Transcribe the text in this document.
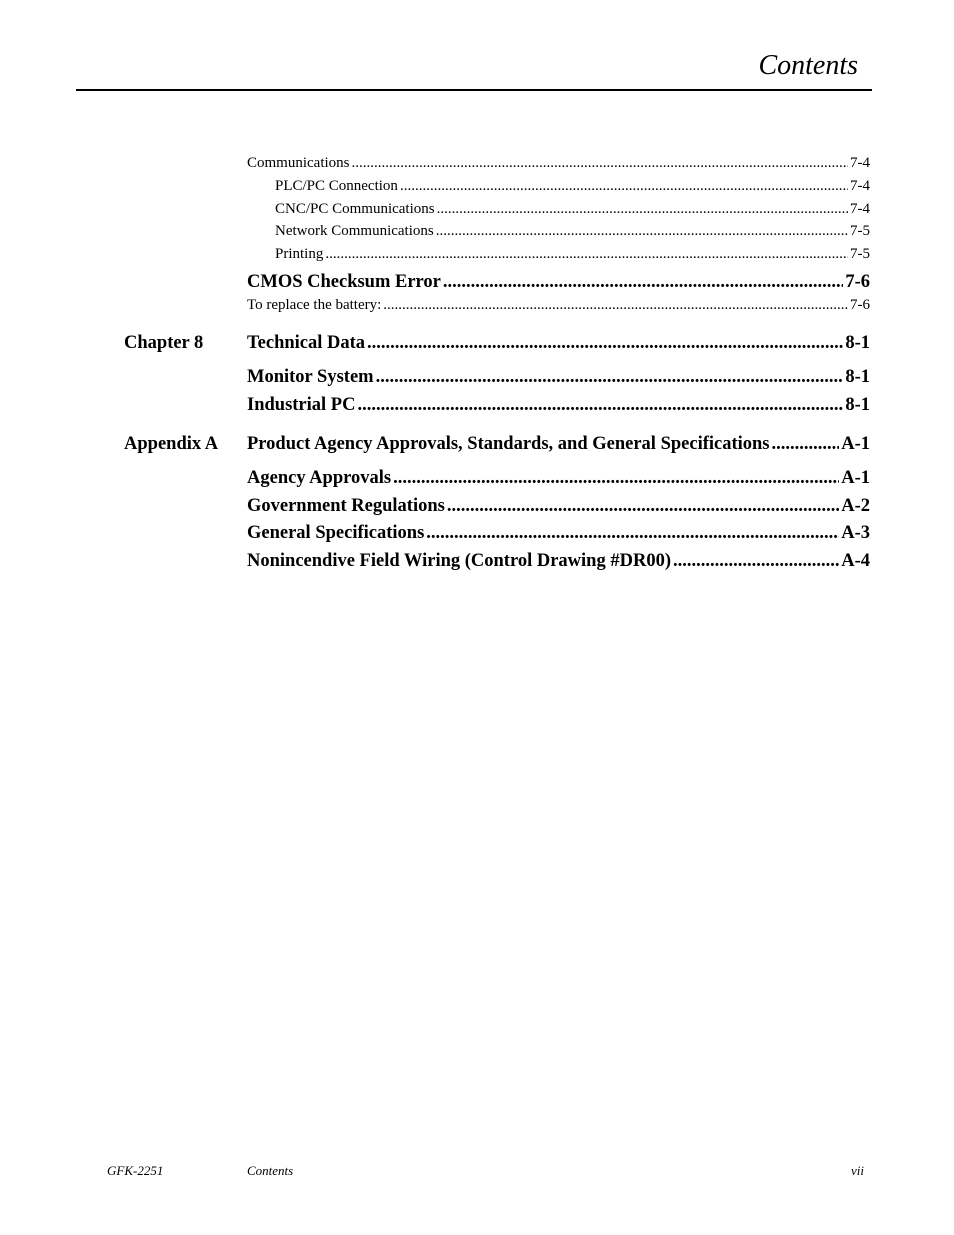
Contents
Communications .....	7-4
PLC/PC Connection .....	7-4
CNC/PC Communications .....	7-4
Network Communications .....	7-5
Printing .....	7-5
CMOS Checksum Error .....	7-6
To replace the battery: .....	7-6
Chapter 8 Technical Data .....	8-1
Monitor System .....	8-1
Industrial PC .....	8-1
Appendix A Product Agency Approvals, Standards, and General Specifications .....	A-1
Agency Approvals .....	A-1
Government Regulations .....	A-2
General Specifications .....	A-3
Nonincendive Field Wiring (Control Drawing #DR00) .....	A-4
GFK-2251	Contents	vii
